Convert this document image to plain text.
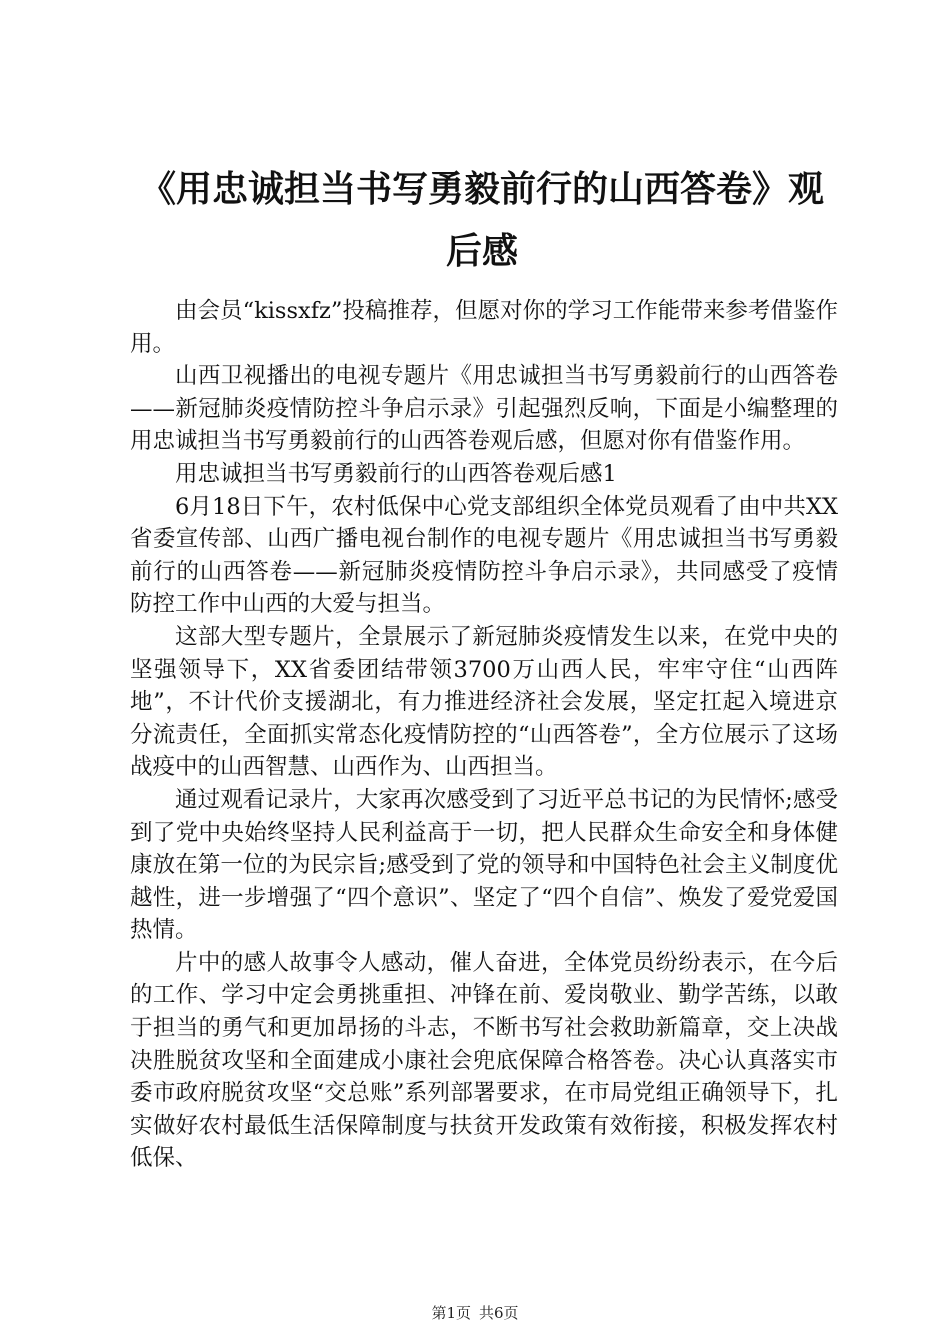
《用忠诚担当书写勇毅前行的山西答卷》观后感

由会员“kissxfz”投稿推荐，但愿对你的学习工作能带来参考借鉴作用。

山西卫视播出的电视专题片《用忠诚担当书写勇毅前行的山西答卷——新冠肺炎疫情防控斗争启示录》引起强烈反响，下面是小编整理的用忠诚担当书写勇毅前行的山西答卷观后感，但愿对你有借鉴作用。

用忠诚担当书写勇毅前行的山西答卷观后感1

6月18日下午，农村低保中心党支部组织全体党员观看了由中共XX省委宣传部、山西广播电视台制作的电视专题片《用忠诚担当书写勇毅前行的山西答卷——新冠肺炎疫情防控斗争启示录》，共同感受了疫情防控工作中山西的大爱与担当。

这部大型专题片，全景展示了新冠肺炎疫情发生以来，在党中央的坚强领导下，XX省委团结带领3700万山西人民，牢牢守住“山西阵地”，不计代价支援湖北，有力推进经济社会发展，坚定扛起入境进京分流责任，全面抓实常态化疫情防控的“山西答卷”，全方位展示了这场战疫中的山西智慧、山西作为、山西担当。

通过观看记录片，大家再次感受到了习近平总书记的为民情怀;感受到了党中央始终坚持人民利益高于一切，把人民群众生命安全和身体健康放在第一位的为民宗旨;感受到了党的领导和中国特色社会主义制度优越性，进一步增强了“四个意识”、坚定了“四个自信”、焕发了爱党爱国热情。

片中的感人故事令人感动，催人奋进，全体党员纷纷表示，在今后的工作、学习中定会勇挑重担、冲锋在前、爱岗敬业、勤学苦练，以敢于担当的勇气和更加昂扬的斗志，不断书写社会救助新篇章，交上决战决胜脱贫攻坚和全面建成小康社会兜底保障合格答卷。决心认真落实市委市政府脱贫攻坚“交总账”系列部署要求，在市局党组正确领导下，扎实做好农村最低生活保障制度与扶贫开发政策有效衔接，积极发挥农村低保、

第1页 共6页
